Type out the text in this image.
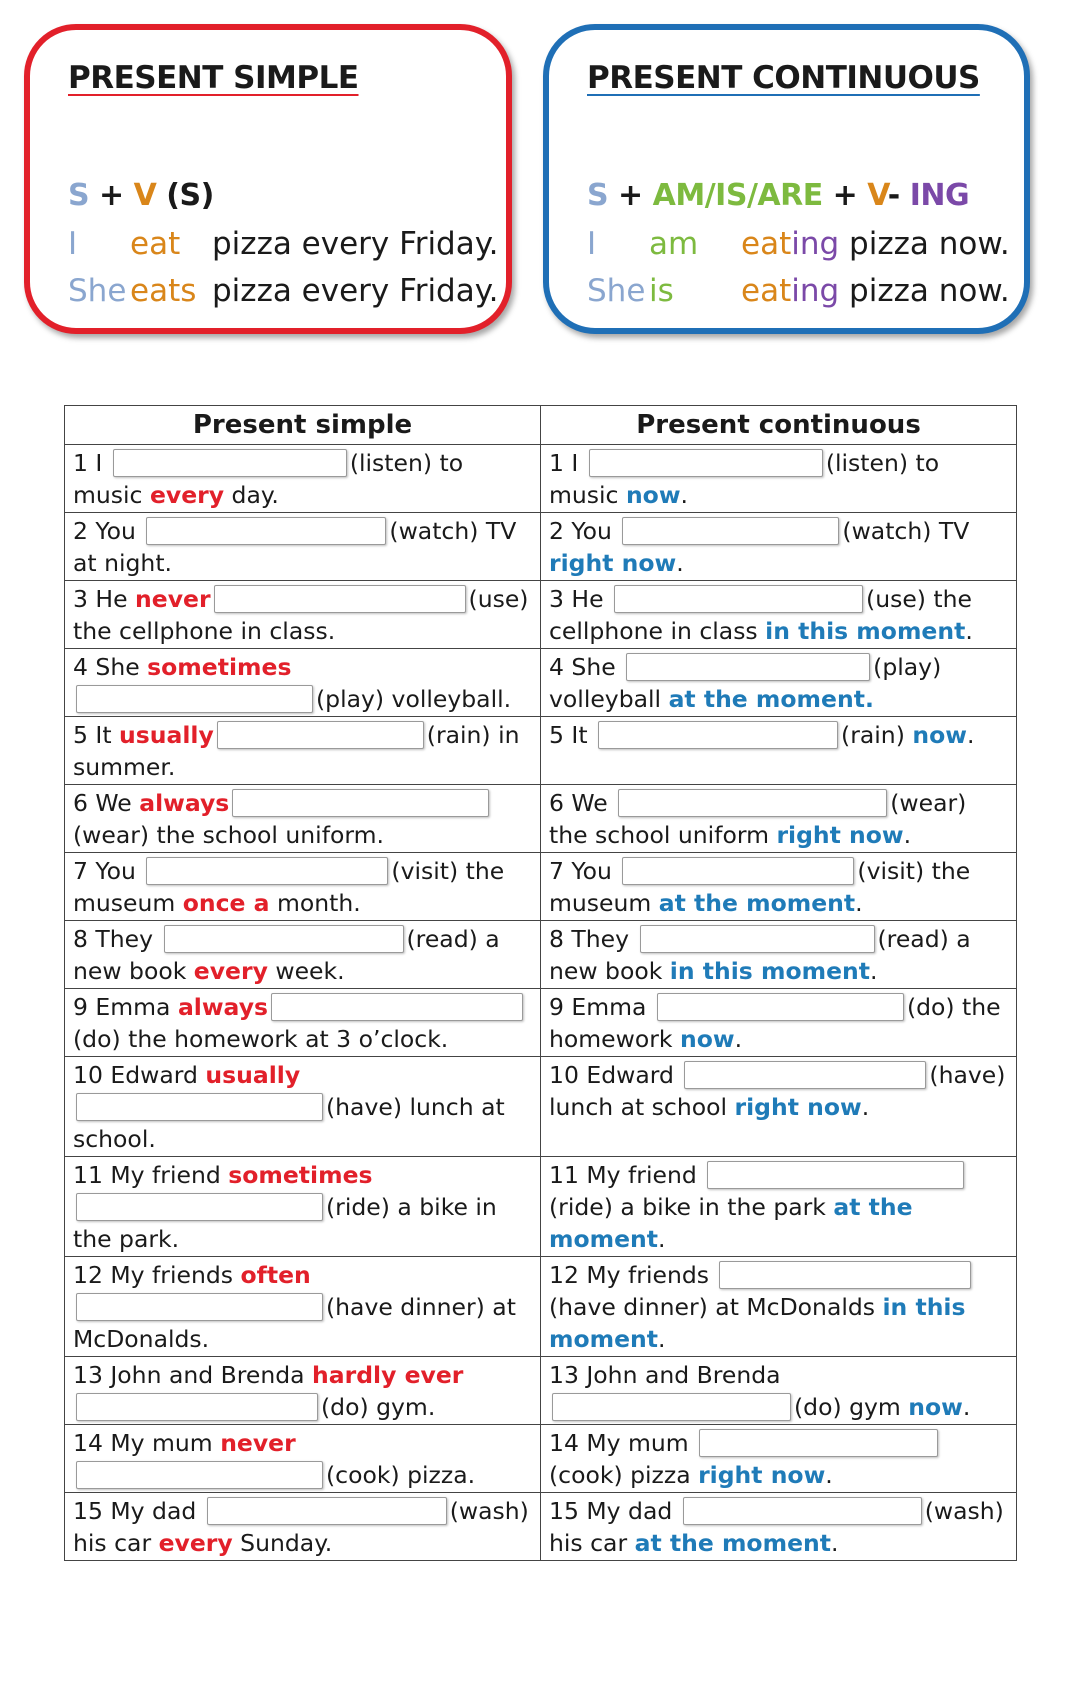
PRESENT SIMPLE
S + V (S)
I eat pizza every Friday.
She eats pizza every Friday.
PRESENT CONTINUOUS
S + AM/IS/ARE + V- ING
I am eating pizza now.
She is eating pizza now.
Present simple	Present continuous
1 I (listen) to music every day.	1 I (listen) to music now.
2 You (watch) TV at night.	2 You (watch) TV right now.
3 He never (use) the cellphone in class.	3 He (use) the cellphone in class in this moment.
4 She sometimes(play) volleyball.	4 She (play) volleyball at the moment.
5 It usually (rain) in summer.	5 It (rain) now.
6 We always(wear) the school uniform.	6 We (wear) the school uniform right now.
7 You (visit) the museum once a month.	7 You (visit) the museum at the moment.
8 They (read) a new book every week.	8 They (read) a new book in this moment.
9 Emma always(do) the homework at 3 o’clock.	9 Emma (do) the homework now.
10 Edward usually(have) lunch at school.	10 Edward (have) lunch at school right now.
11 My friend sometimes(ride) a bike in the park.	11 My friend (ride) a bike in the park at the moment.
12 My friends often(have dinner) at McDonalds.	12 My friends (have dinner) at McDonalds in this moment.
13 John and Brenda hardly ever(do) gym.	13 John and Brenda (do) gym now.
14 My mum never(cook) pizza.	14 My mum (cook) pizza right now.
15 My dad (wash) his car every Sunday.	15 My dad (wash) his car at the moment.
